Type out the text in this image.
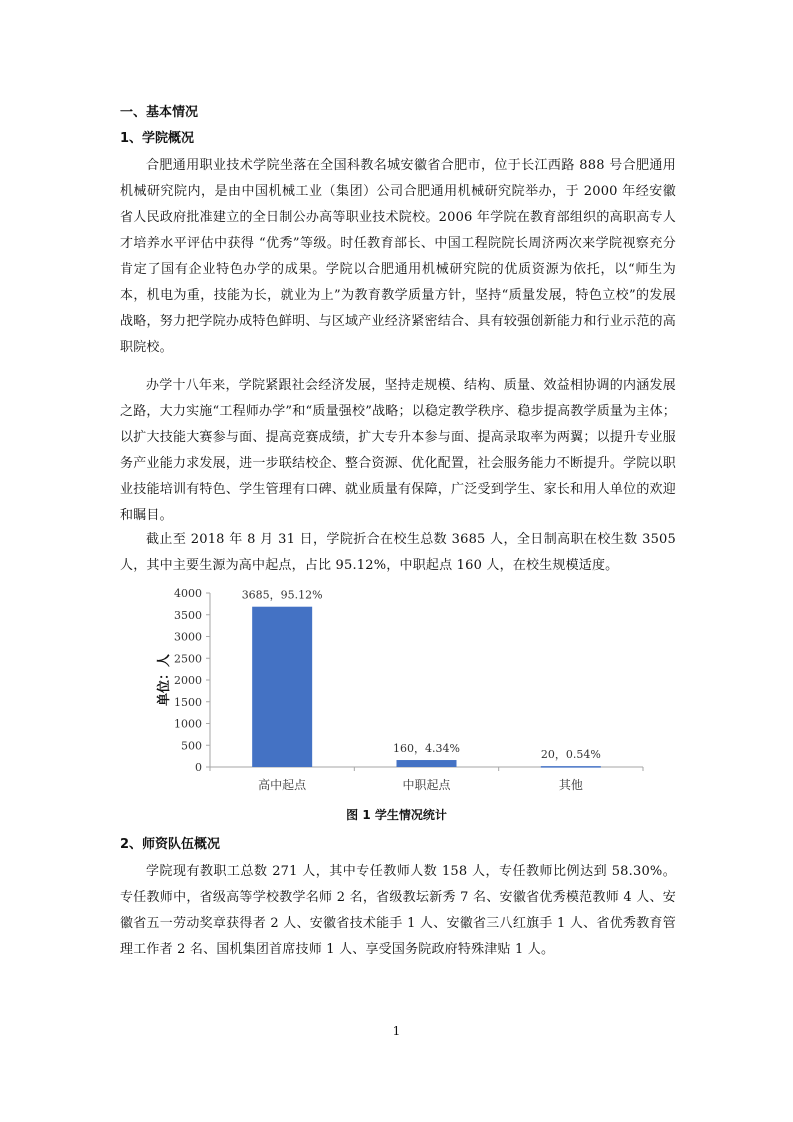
一、基本情况
1、学院概况

合肥通用职业技术学院坐落在全国科教名城安徽省合肥市，位于长江西路 888 号合肥通用机械研究院内，是由中国机械工业（集团）公司合肥通用机械研究院举办，于 2000 年经安徽省人民政府批准建立的全日制公办高等职业技术院校。2006 年学院在教育部组织的高职高专人才培养水平评估中获得 “优秀”等级。时任教育部长、中国工程院院长周济两次来学院视察充分肯定了国有企业特色办学的成果。学院以合肥通用机械研究院的优质资源为依托，以“师生为本，机电为重，技能为长，就业为上”为教育教学质量方针，坚持“质量发展，特色立校”的发展战略，努力把学院办成特色鲜明、与区域产业经济紧密结合、具有较强创新能力和行业示范的高职院校。

办学十八年来，学院紧跟社会经济发展，坚持走规模、结构、质量、效益相协调的内涵发展之路，大力实施“工程师办学”和“质量强校”战略；以稳定教学秩序、稳步提高教学质量为主体；以扩大技能大赛参与面、提高竞赛成绩，扩大专升本参与面、提高录取率为两翼；以提升专业服务产业能力求发展，进一步联结校企、整合资源、优化配置，社会服务能力不断提升。学院以职业技能培训有特色、学生管理有口碑、就业质量有保障，广泛受到学生、家长和用人单位的欢迎和瞩目。

截止至 2018 年 8 月 31 日，学院折合在校生总数 3685 人，全日制高职在校生数 3505 人，其中主要生源为高中起点，占比 95.12%，中职起点 160 人，在校生规模适度。

0
500
1000
1500
2000
2500
3000
3500
4000
高中起点
3685，95.12%
中职起点
160，4.34%
其他
20，0.54%
单位：人
图 1 学生情况统计
2、师资队伍概况

学院现有教职工总数 271 人，其中专任教师人数 158 人，专任教师比例达到 58.30%。专任教师中，省级高等学校教学名师 2 名，省级教坛新秀 7 名、安徽省优秀模范教师 4 人、安徽省五一劳动奖章获得者 2 人、安徽省技术能手 1 人、安徽省三八红旗手 1 人、省优秀教育管理工作者 2 名、国机集团首席技师 1 人、享受国务院政府特殊津贴 1 人。

1
